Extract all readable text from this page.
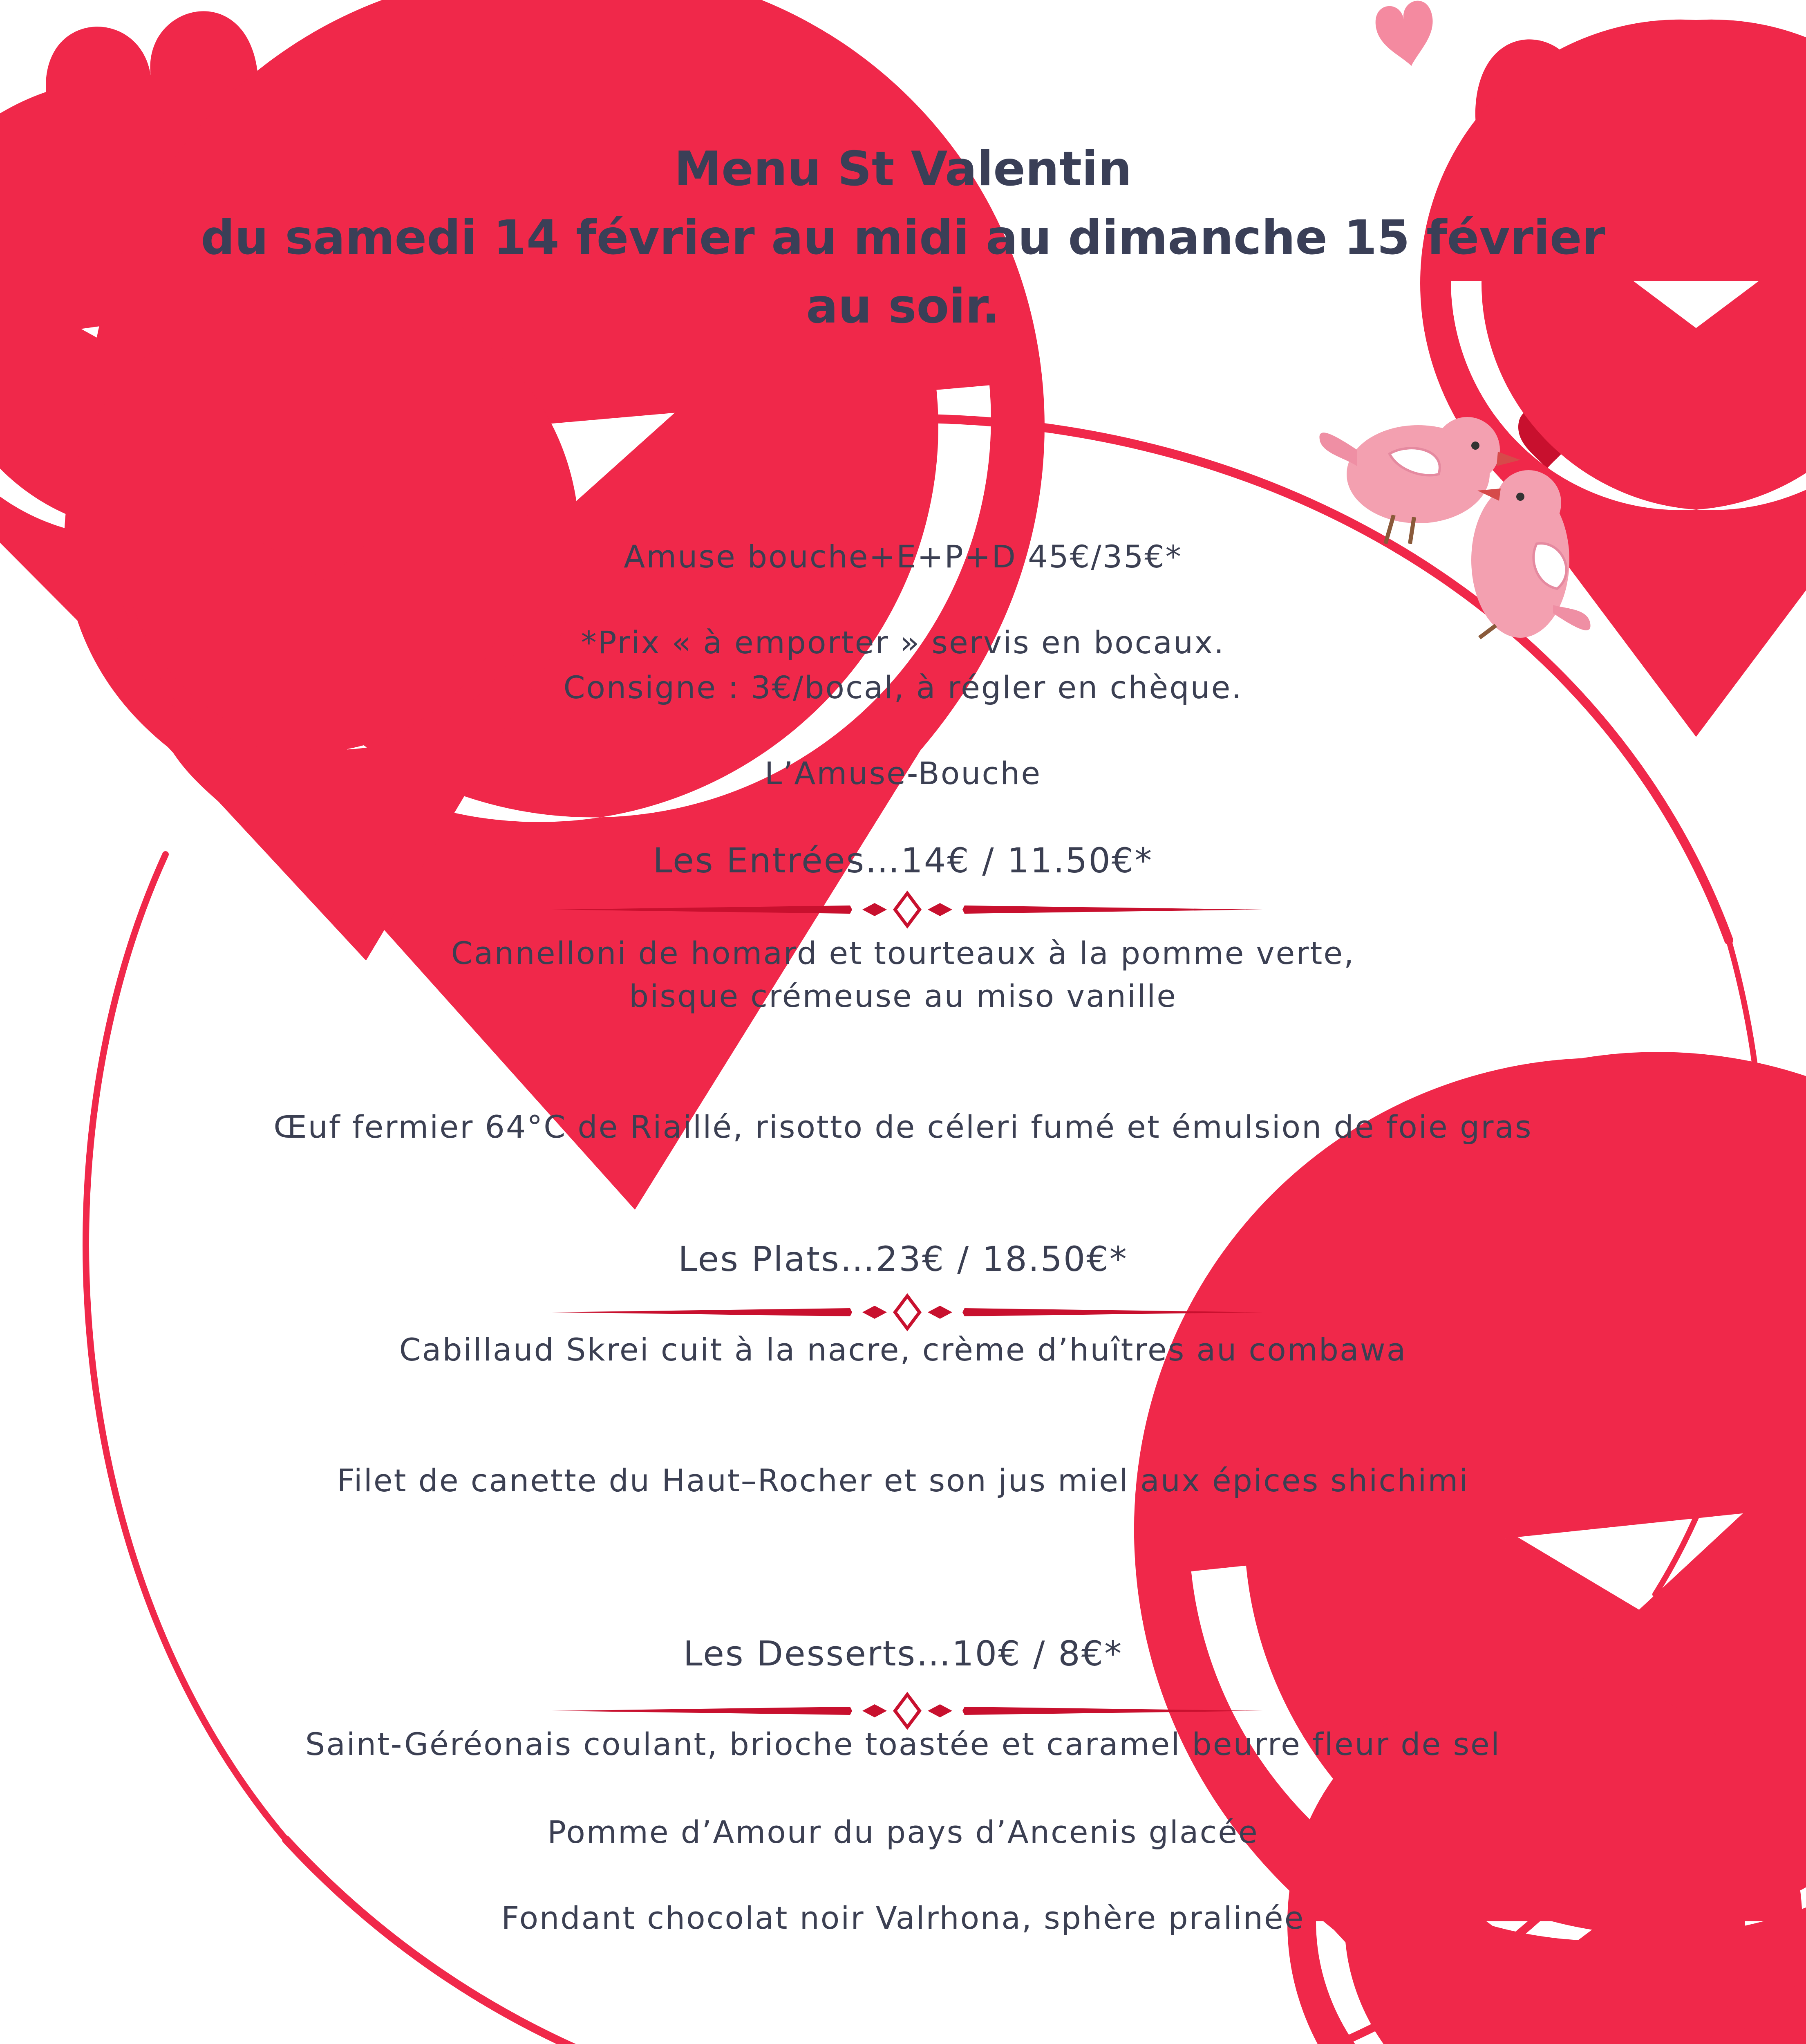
Menu St Valentin
du samedi 14 février au midi au dimanche 15 février
au soir.
Amuse bouche+E+P+D 45€/35€*
*Prix « à emporter » servis en bocaux.
Consigne : 3€/bocal, à régler en chèque.
L’Amuse-Bouche
Les Entrées…14€ / 11.50€*
Cannelloni de homard et tourteaux à la pomme verte,
bisque crémeuse au miso vanille
Œuf fermier 64°C de Riaillé, risotto de céleri fumé et émulsion de foie gras
Les Plats…23€ / 18.50€*
Cabillaud Skrei cuit à la nacre, crème d’huîtres au combawa
Filet de canette du Haut–Rocher et son jus miel aux épices shichimi
Les Desserts…10€ / 8€*
Saint-Géréonais coulant, brioche toastée et caramel beurre fleur de sel
Pomme d’Amour du pays d’Ancenis glacée
Fondant chocolat noir Valrhona, sphère pralinée
